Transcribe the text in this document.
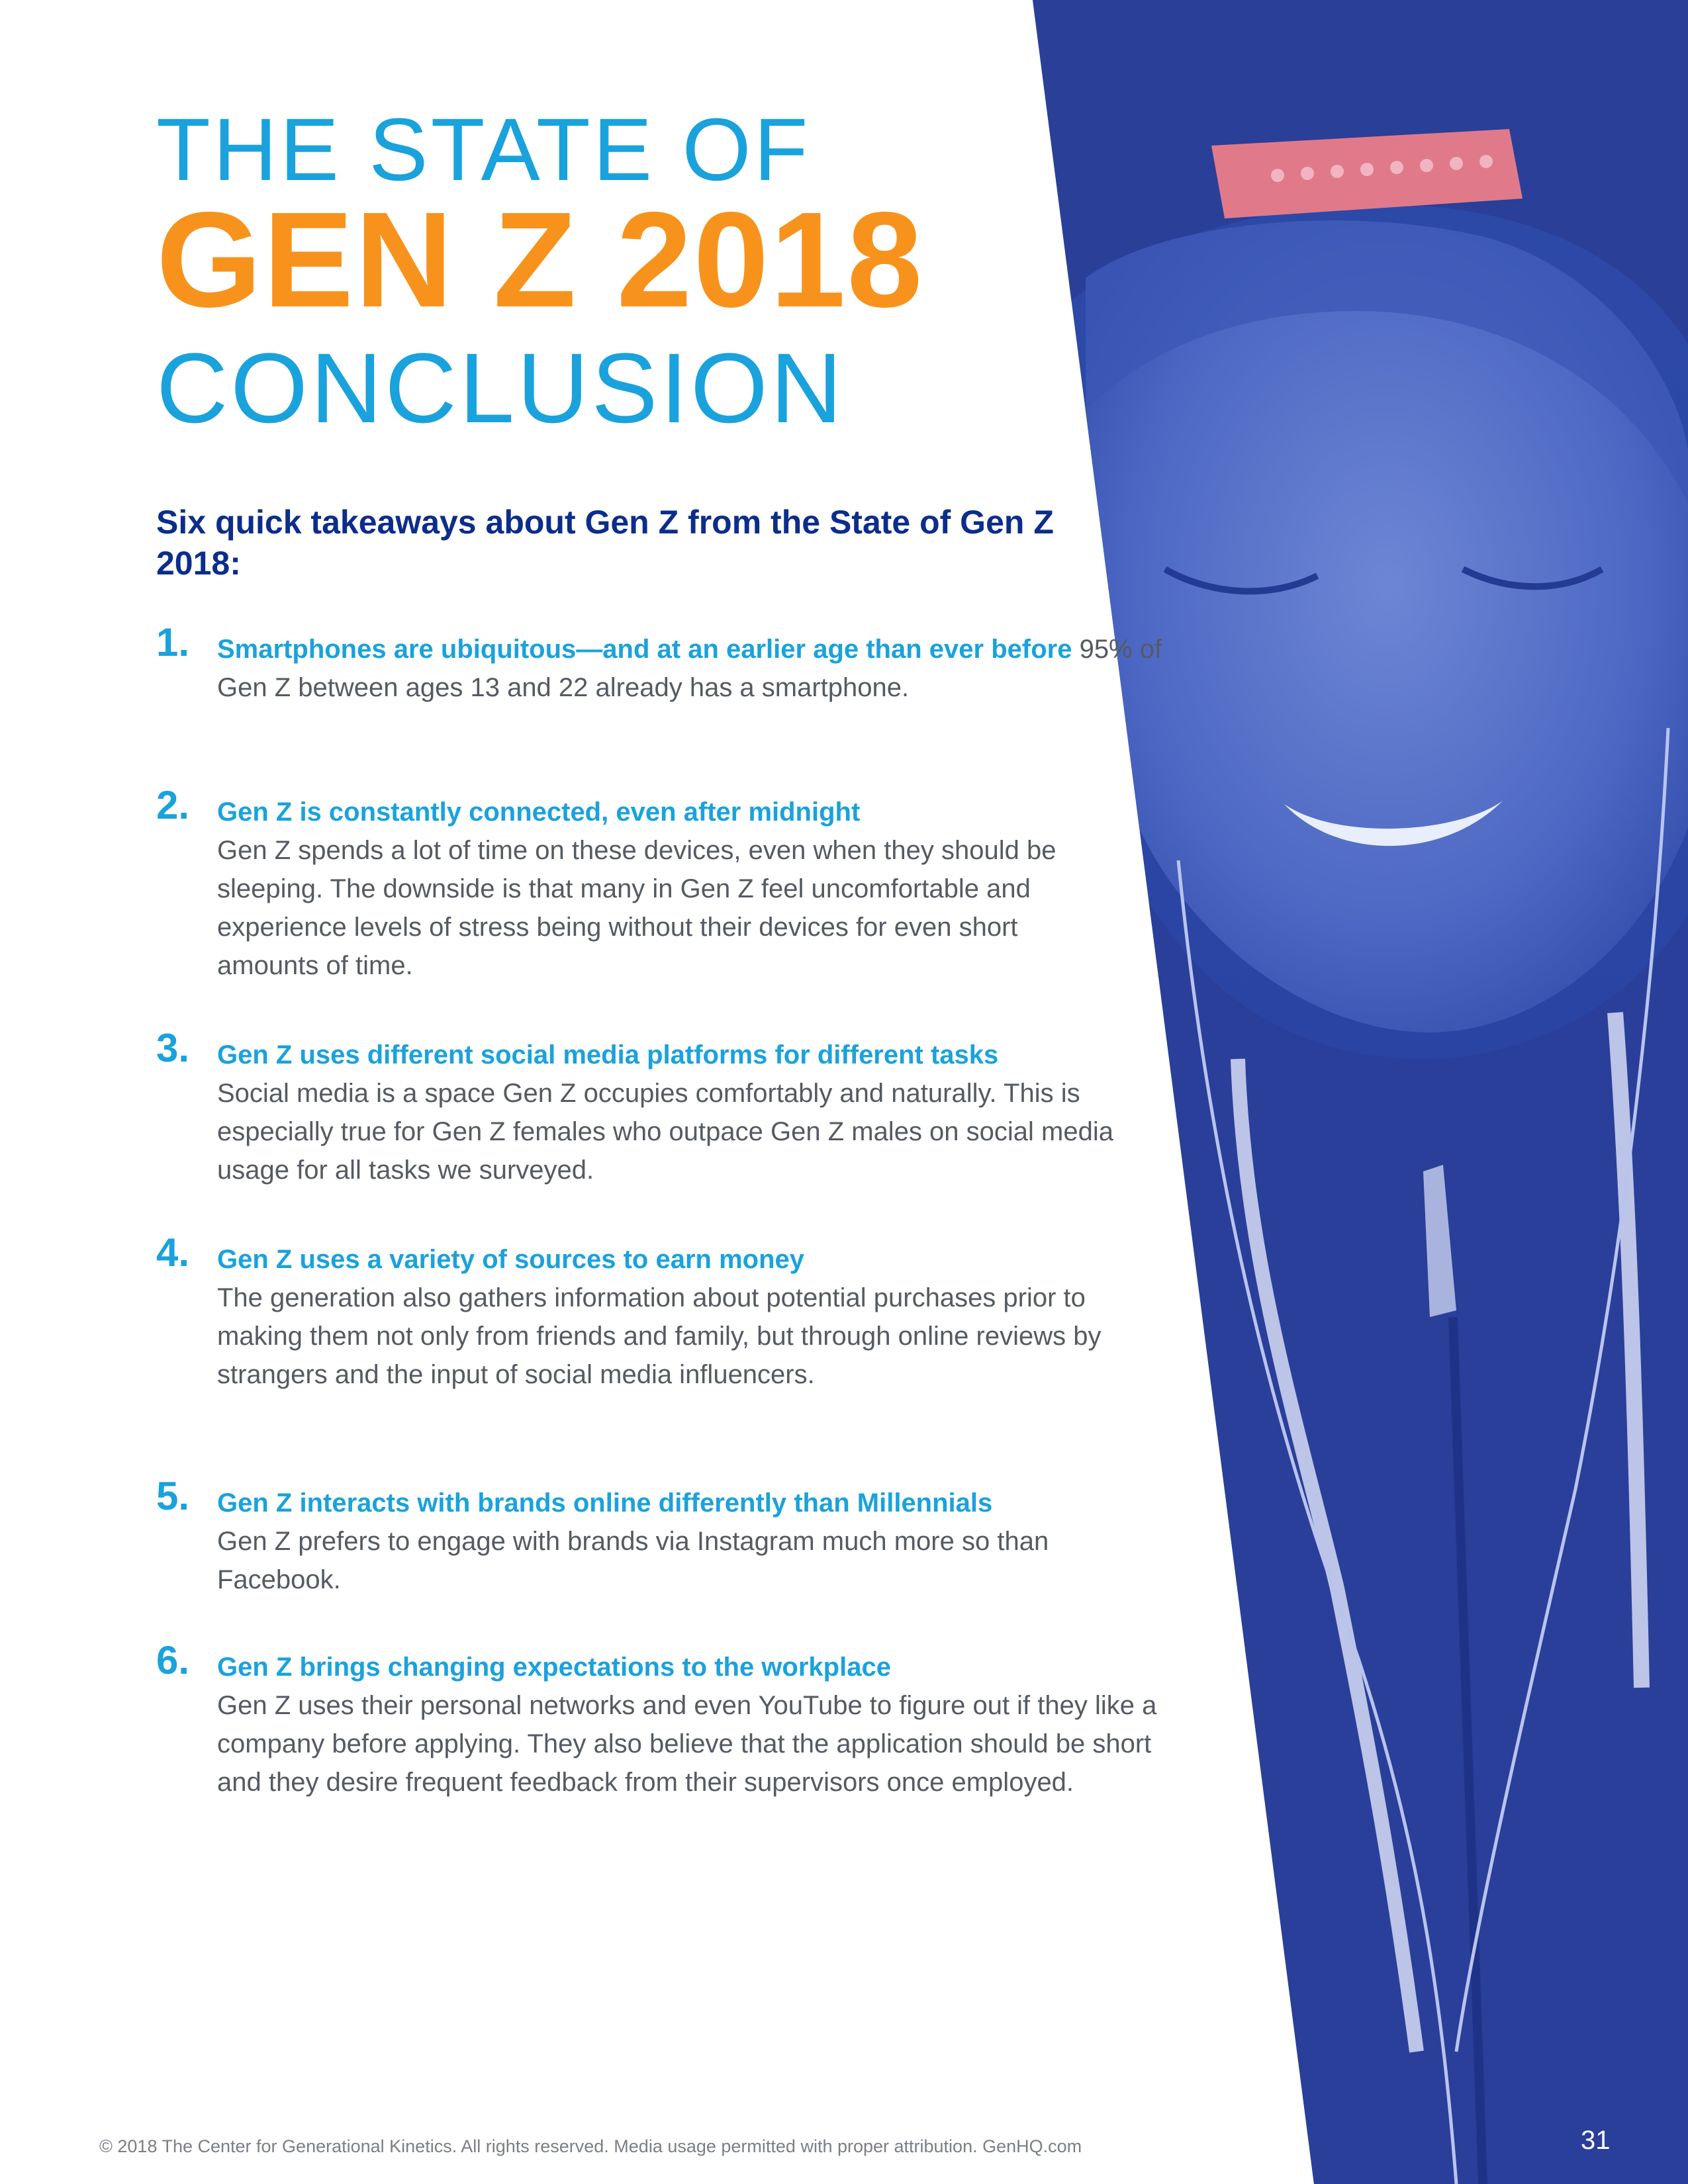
THE STATE OF
GEN Z 2018
CONCLUSION

Six quick takeaways about Gen Z from the State of Gen Z 2018:

1. Smartphones are ubiquitous—and at an earlier age than ever before 95% of Gen Z between ages 13 and 22 already has a smartphone.
2. Gen Z is constantly connected, even after midnight
Gen Z spends a lot of time on these devices, even when they should be sleeping. The downside is that many in Gen Z feel uncomfortable and experience levels of stress being without their devices for even short amounts of time.
3. Gen Z uses different social media platforms for different tasks
Social media is a space Gen Z occupies comfortably and naturally. This is especially true for Gen Z females who outpace Gen Z males on social media usage for all tasks we surveyed.
4. Gen Z uses a variety of sources to earn money
The generation also gathers information about potential purchases prior to making them not only from friends and family, but through online reviews by strangers and the input of social media influencers.
5. Gen Z interacts with brands online differently than Millennials
Gen Z prefers to engage with brands via Instagram much more so than Facebook.
6. Gen Z brings changing expectations to the workplace
Gen Z uses their personal networks and even YouTube to figure out if they like a company before applying. They also believe that the application should be short and they desire frequent feedback from their supervisors once employed.
© 2018 The Center for Generational Kinetics. All rights reserved. Media usage permitted with proper attribution. GenHQ.com	31
